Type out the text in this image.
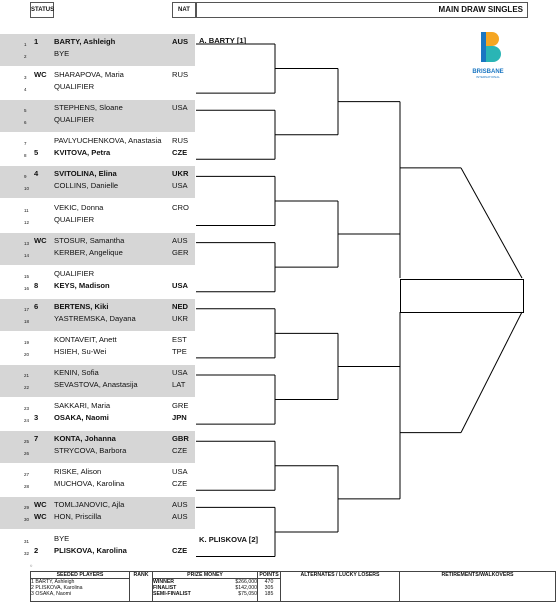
STATUS	NAT	MAIN DRAW SINGLES
BRISBANE
INTERNATIONAL
1 1	BARTY, Ashleigh	AUS
2	BYE
3 WC SHARAPOVA, Maria	RUS
4	QUALIFIER
5	STEPHENS, Sloane	USA
6	QUALIFIER
7	PAVLYUCHENKOVA, Anastasia RUS
8 5	KVITOVA, Petra	CZE
9 4	SVITOLINA, Elina	UKR
10	COLLINS, Danielle	USA
11	VEKIC, Donna	CRO
12	QUALIFIER
13 WC STOSUR, Samantha	AUS
14	KERBER, Angelique	GER
15	QUALIFIER
16 8	KEYS, Madison	USA
17 6	BERTENS, Kiki	NED
18	YASTREMSKA, Dayana	UKR
19	KONTAVEIT, Anett	EST
20	HSIEH, Su-Wei	TPE
21	KENIN, Sofia	USA
22	SEVASTOVA, Anastasija	LAT
23	SAKKARI, Maria	GRE
24 3	OSAKA, Naomi	JPN
25 7	KONTA, Johanna	GBR
26	STRYCOVA, Barbora	CZE
27	RISKE, Alison	USA
28	MUCHOVA, Karolina	CZE
29 WC TOMLJANOVIC, Ajla	AUS
30 WC HON, Priscilla	AUS
31	BYE
32 2	PLISKOVA, Karolina	CZE
A. BARTY [1]
K. PLISKOVA [2]
©
SEEDED PLAYERS
1 BARTY, Ashleigh
2 PLISKOVA, Karolina
3 OSAKA, Naomi
RANK	PRIZE MONEY
WINNER	$266,000
FINALIST	$142,000
SEMI-FINALIST	$75,050
POINTS
470
305
185
ALTERNATES / LUCKY LOSERS	RETIREMENTS/WALKOVERS
